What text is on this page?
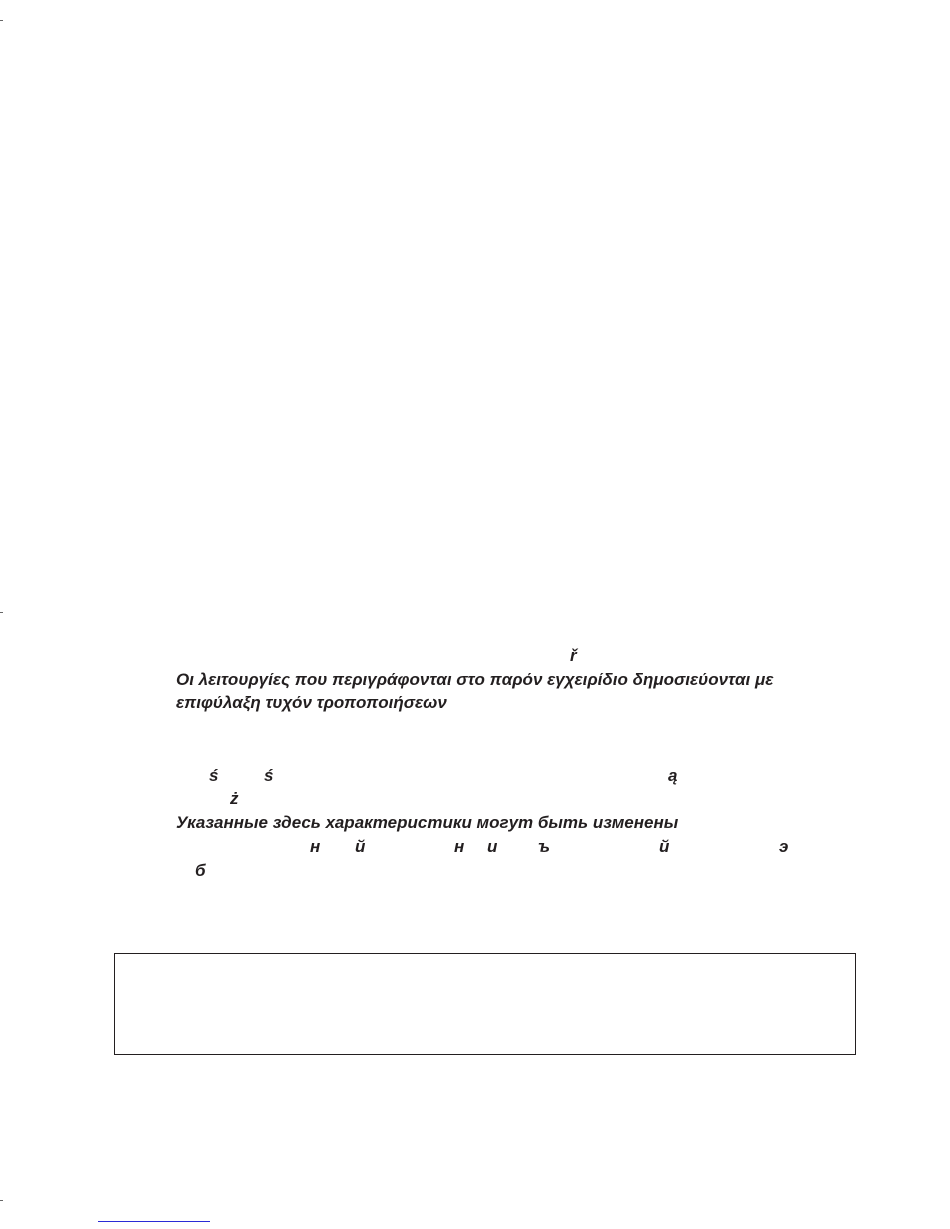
ř
Οι λειτουργίες που περιγράφονται στο παρόν εγχειρίδιο δημοσιεύονται με
επιφύλαξη τυχόν τροποποιήσεων
ś	ś	ą
ż
Указанные здесь характеристики могут быть изменены
н й	н и ъ	й	э
б
